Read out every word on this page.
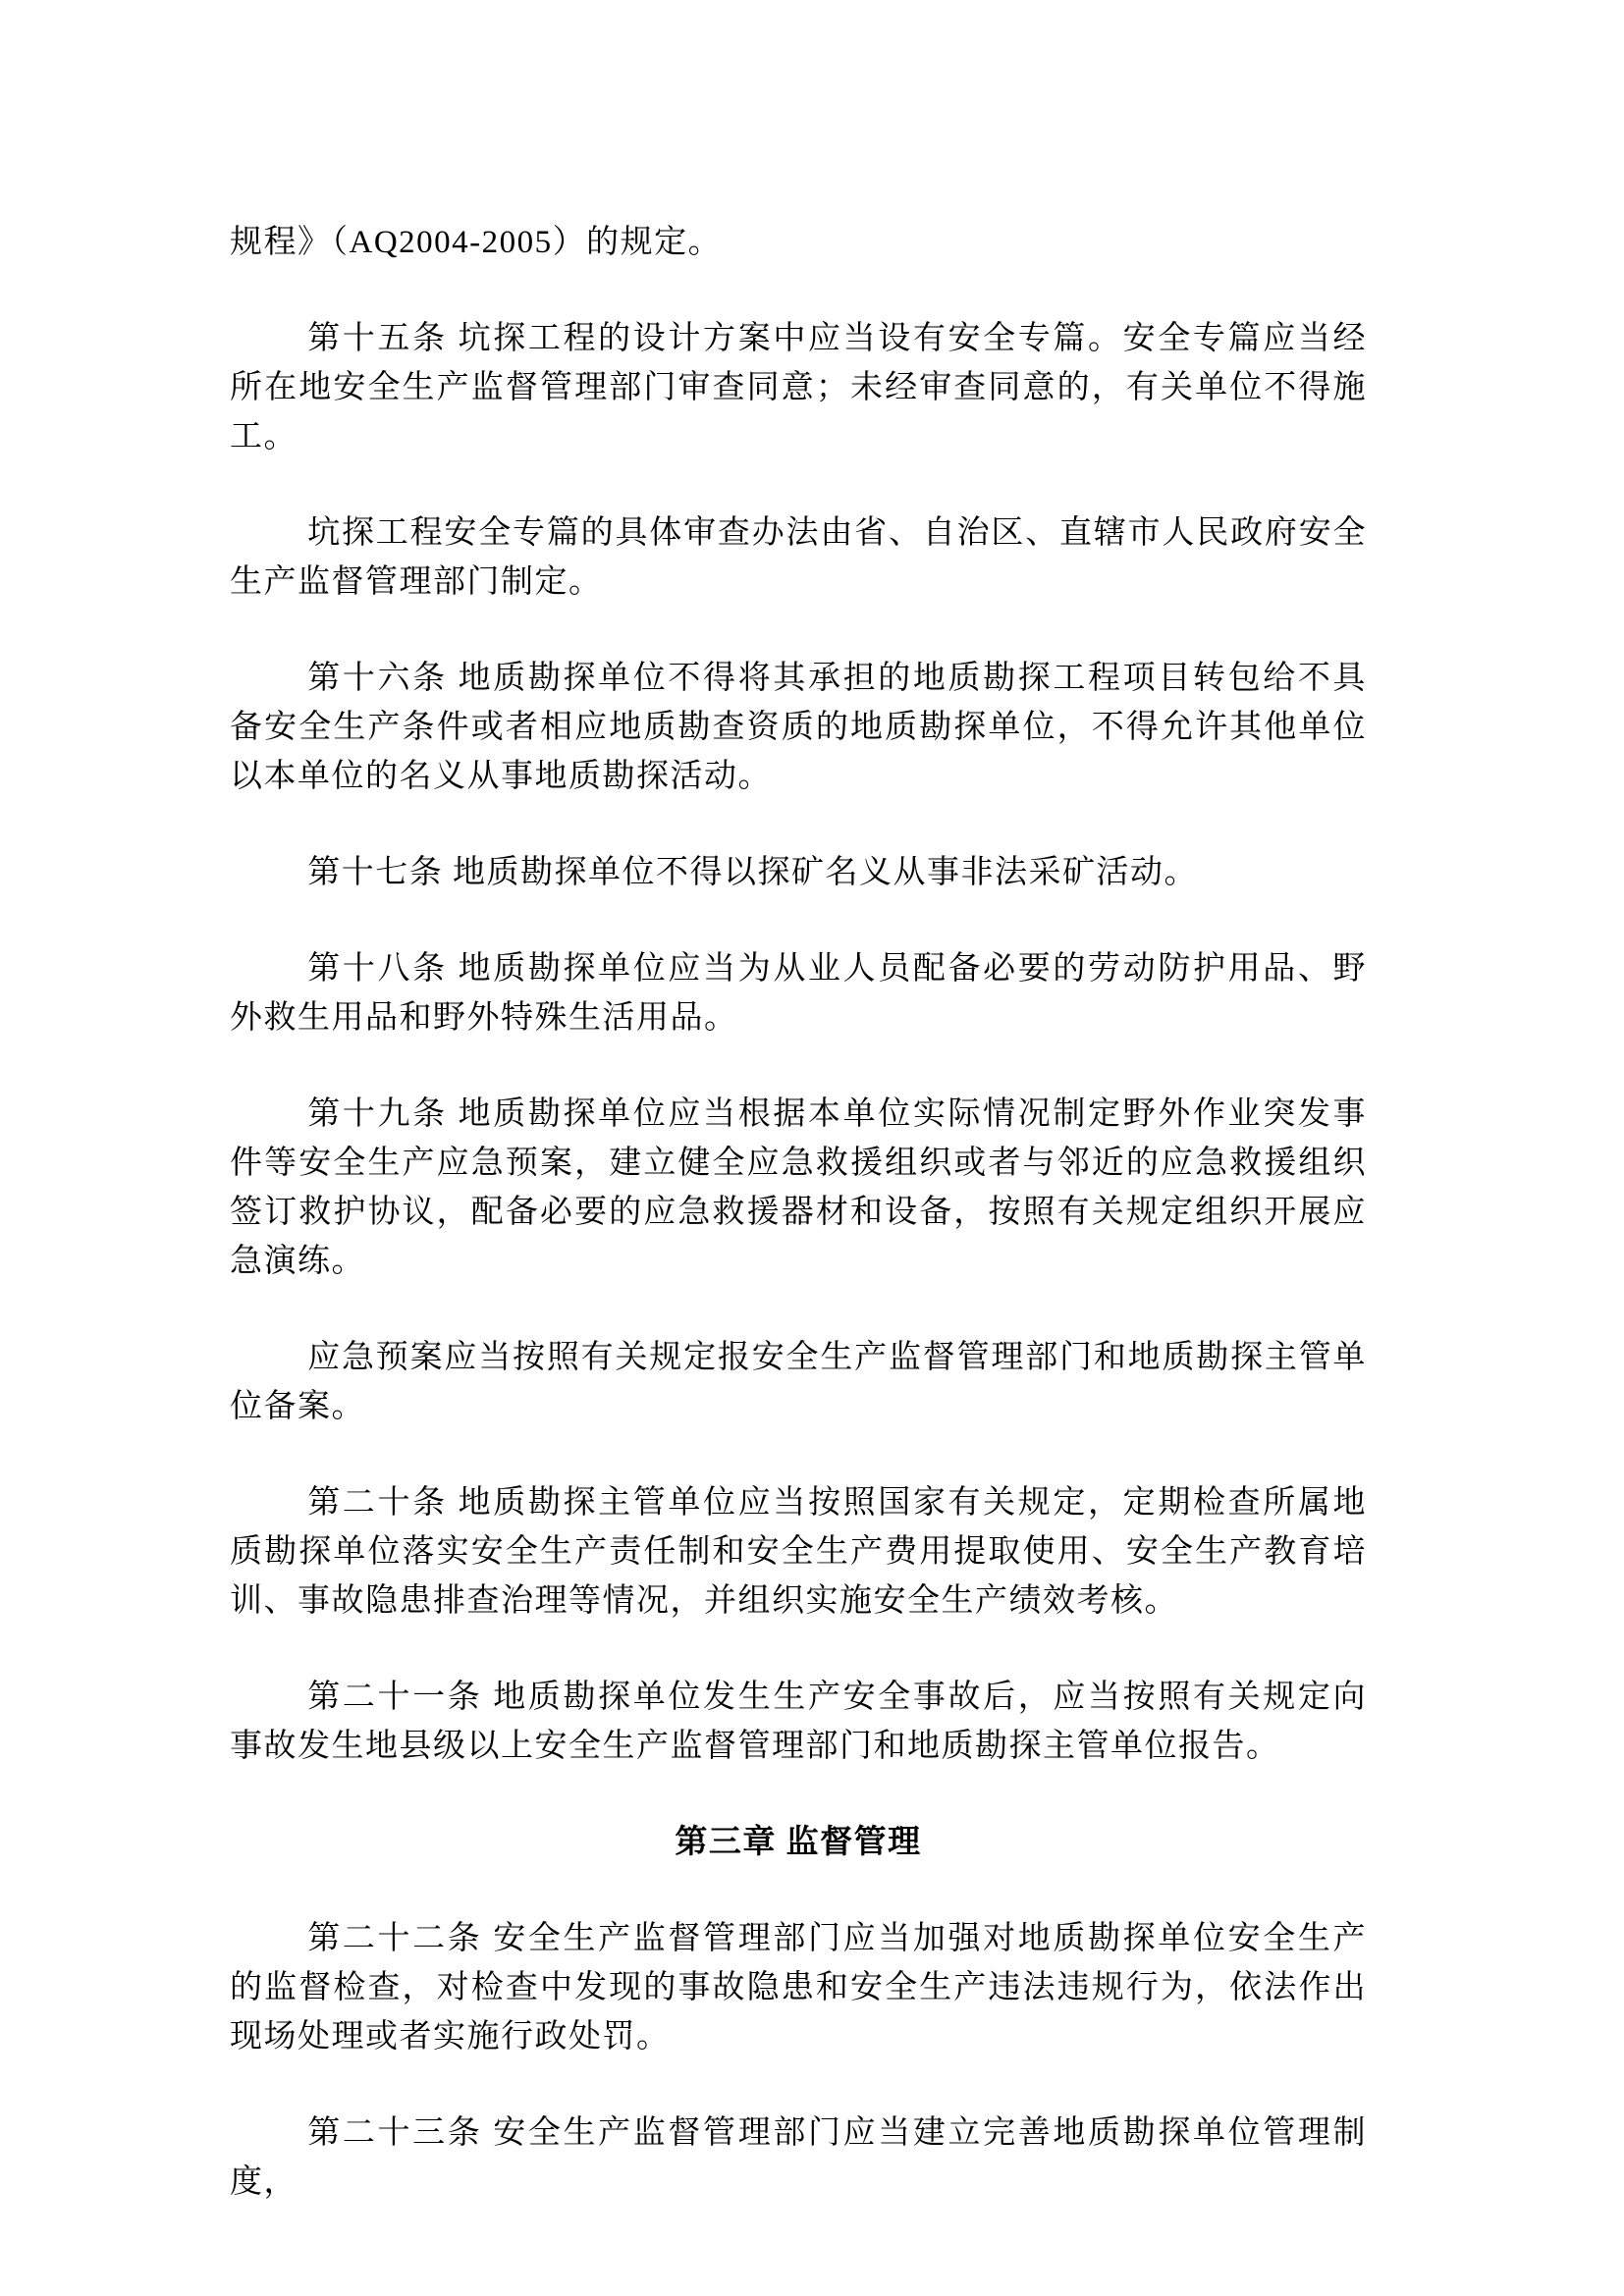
规程》（AQ2004-2005）的规定。

第十五条 坑探工程的设计方案中应当设有安全专篇。安全专篇应当经所在地安全生产监督管理部门审查同意；未经审查同意的，有关单位不得施工。

坑探工程安全专篇的具体审查办法由省、自治区、直辖市人民政府安全生产监督管理部门制定。

第十六条 地质勘探单位不得将其承担的地质勘探工程项目转包给不具备安全生产条件或者相应地质勘查资质的地质勘探单位，不得允许其他单位以本单位的名义从事地质勘探活动。

第十七条 地质勘探单位不得以探矿名义从事非法采矿活动。

第十八条 地质勘探单位应当为从业人员配备必要的劳动防护用品、野外救生用品和野外特殊生活用品。

第十九条 地质勘探单位应当根据本单位实际情况制定野外作业突发事件等安全生产应急预案，建立健全应急救援组织或者与邻近的应急救援组织签订救护协议，配备必要的应急救援器材和设备，按照有关规定组织开展应急演练。

应急预案应当按照有关规定报安全生产监督管理部门和地质勘探主管单位备案。

第二十条 地质勘探主管单位应当按照国家有关规定，定期检查所属地质勘探单位落实安全生产责任制和安全生产费用提取使用、安全生产教育培训、事故隐患排查治理等情况，并组织实施安全生产绩效考核。

第二十一条 地质勘探单位发生生产安全事故后，应当按照有关规定向事故发生地县级以上安全生产监督管理部门和地质勘探主管单位报告。

第三章 监督管理

第二十二条 安全生产监督管理部门应当加强对地质勘探单位安全生产的监督检查，对检查中发现的事故隐患和安全生产违法违规行为，依法作出现场处理或者实施行政处罚。

第二十三条 安全生产监督管理部门应当建立完善地质勘探单位管理制度，
